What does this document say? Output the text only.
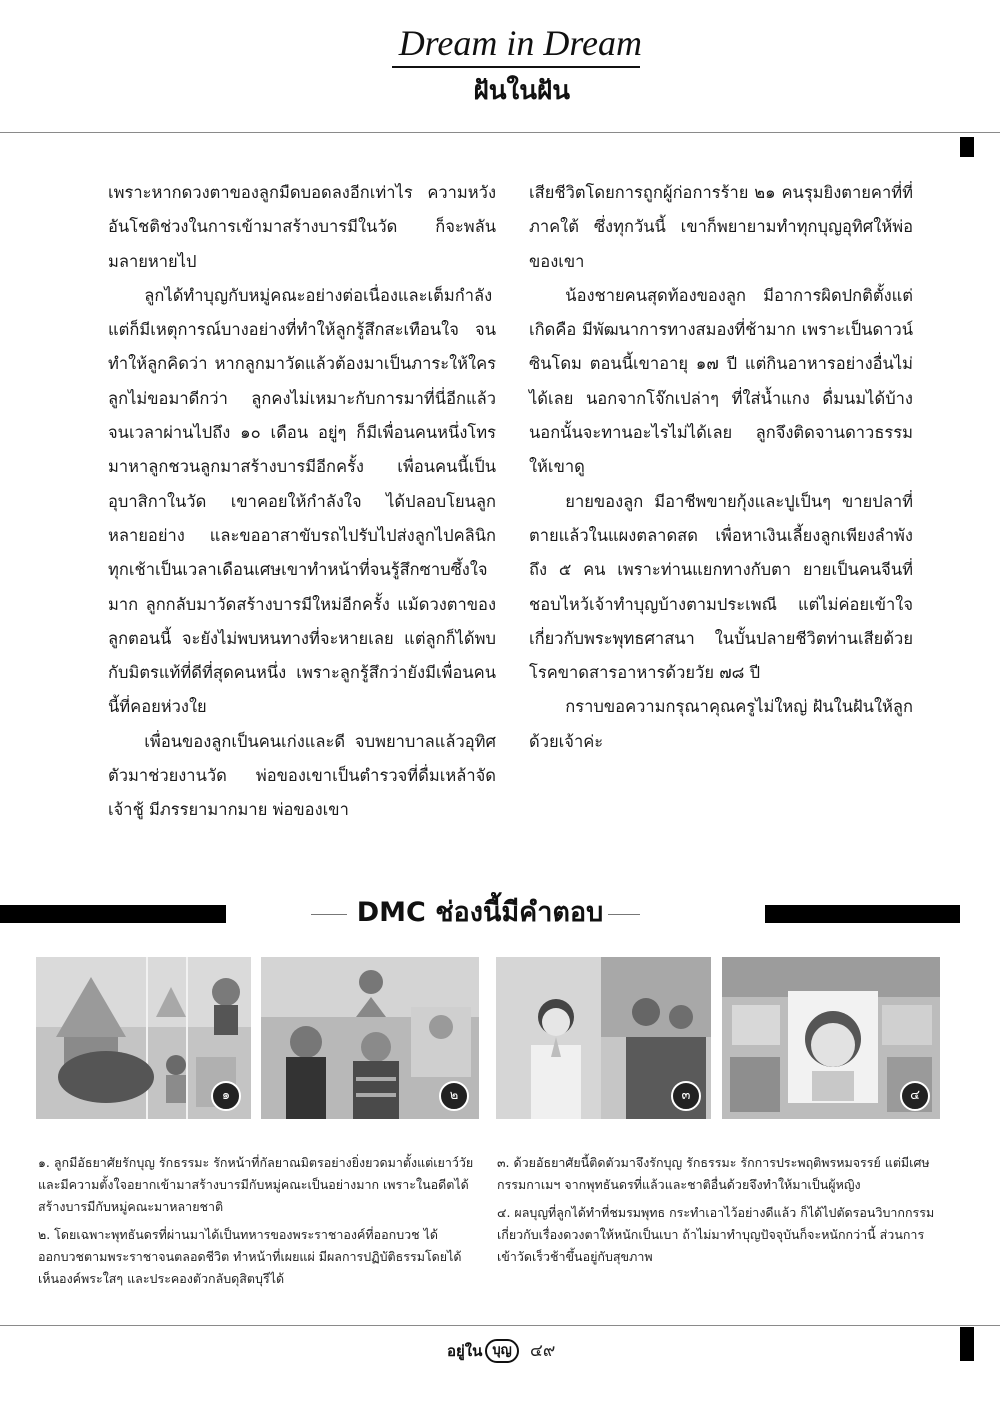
Dream in Dream
ฝันในฝัน

เพราะหากดวงตาของลูกมืดบอดลงอีกเท่าไร ความหวังอันโชติช่วงในการเข้ามาสร้างบารมีในวัด ก็จะพลันมลายหายไป

ลูกได้ทำบุญกับหมู่คณะอย่างต่อเนื่องและเต็มกำลัง แต่ก็มีเหตุการณ์บางอย่างที่ทำให้ลูกรู้สึกสะเทือนใจ จนทำให้ลูกคิดว่า หากลูกมาวัดแล้วต้องมาเป็นภาระให้ใคร ลูกไม่ขอมาดีกว่า ลูกคงไม่เหมาะกับการมาที่นี่อีกแล้ว จนเวลาผ่านไปถึง ๑๐ เดือน อยู่ๆ ก็มีเพื่อนคนหนึ่งโทรมาหาลูกชวนลูกมาสร้างบารมีอีกครั้ง เพื่อนคนนี้เป็นอุบาสิกาในวัด เขาคอยให้กำลังใจ ได้ปลอบโยนลูกหลายอย่าง และขออาสาขับรถไปรับไปส่งลูกไปคลินิกทุกเช้าเป็นเวลาเดือนเศษเขาทำหน้าที่จนรู้สึกซาบซึ้งใจมาก ลูกกลับมาวัดสร้างบารมีใหม่อีกครั้ง แม้ดวงตาของลูกตอนนี้ จะยังไม่พบหนทางที่จะหายเลย แต่ลูกก็ได้พบกับมิตรแท้ที่ดีที่สุดคนหนึ่ง เพราะลูกรู้สึกว่ายังมีเพื่อนคนนี้ที่คอยห่วงใย

เพื่อนของลูกเป็นคนเก่งและดี จบพยาบาลแล้วอุทิศตัวมาช่วยงานวัด พ่อของเขาเป็นตำรวจที่ดื่มเหล้าจัด เจ้าชู้ มีภรรยามากมาย พ่อของเขา

เสียชีวิตโดยการถูกผู้ก่อการร้าย ๒๑ คนรุมยิงตายคาที่ที่ภาคใต้ ซึ่งทุกวันนี้ เขาก็พยายามทำทุกบุญอุทิศให้พ่อของเขา

น้องชายคนสุดท้องของลูก มีอาการผิดปกติตั้งแต่เกิดคือ มีพัฒนาการทางสมองที่ช้ามาก เพราะเป็นดาวน์ซินโดม ตอนนี้เขาอายุ ๑๗ ปี แต่กินอาหารอย่างอื่นไม่ได้เลย นอกจากโจ๊กเปล่าๆ ที่ใส่น้ำแกง ดื่มนมได้บ้าง นอกนั้นจะทานอะไรไม่ได้เลย ลูกจึงติดจานดาวธรรมให้เขาดู

ยายของลูก มีอาชีพขายกุ้งและปูเป็นๆ ขายปลาที่ตายแล้วในแผงตลาดสด เพื่อหาเงินเลี้ยงลูกเพียงลำพังถึง ๕ คน เพราะท่านแยกทางกับตา ยายเป็นคนจีนที่ชอบไหว้เจ้าทำบุญบ้างตามประเพณี แต่ไม่ค่อยเข้าใจเกี่ยวกับพระพุทธศาสนา ในบั้นปลายชีวิตท่านเสียด้วยโรคขาดสารอาหารด้วยวัย ๗๘ ปี

กราบขอความกรุณาคุณครูไม่ใหญ่ ฝันในฝันให้ลูกด้วยเจ้าค่ะ

DMC ช่องนี้มีคำตอบ
๑	๒	๓	๔

๑. ลูกมีอัธยาศัยรักบุญ รักธรรมะ รักหน้าที่กัลยาณมิตรอย่างยิ่งยวดมาตั้งแต่เยาว์วัยและมีความตั้งใจอยากเข้ามาสร้างบารมีกับหมู่คณะเป็นอย่างมาก เพราะในอดีตได้สร้างบารมีกับหมู่คณะมาหลายชาติ

๒. โดยเฉพาะพุทธันดรที่ผ่านมาได้เป็นทหารของพระราชาองค์ที่ออกบวช ได้ออกบวชตามพระราชาจนตลอดชีวิต ทำหน้าที่เผยแผ่ มีผลการปฏิบัติธรรมโดยได้เห็นองค์พระใสๆ และประคองตัวกลับดุสิตบุรีได้

๓. ด้วยอัธยาศัยนี้ติดตัวมาจึงรักบุญ รักธรรมะ รักการประพฤติพรหมจรรย์ แต่มีเศษกรรมกาเมฯ จากพุทธันดรที่แล้วและชาติอื่นด้วยจึงทำให้มาเป็นผู้หญิง

๔. ผลบุญที่ลูกได้ทำที่ชมรมพุทธ กระทำเอาไว้อย่างดีแล้ว ก็ได้ไปตัดรอนวิบากกรรมเกี่ยวกับเรื่องดวงตาให้หนักเป็นเบา ถ้าไม่มาทำบุญปัจจุบันก็จะหนักกว่านี้ ส่วนการเข้าวัดเร็วช้าขึ้นอยู่กับสุขภาพ

อยู่ใน บุญ	๔๙
